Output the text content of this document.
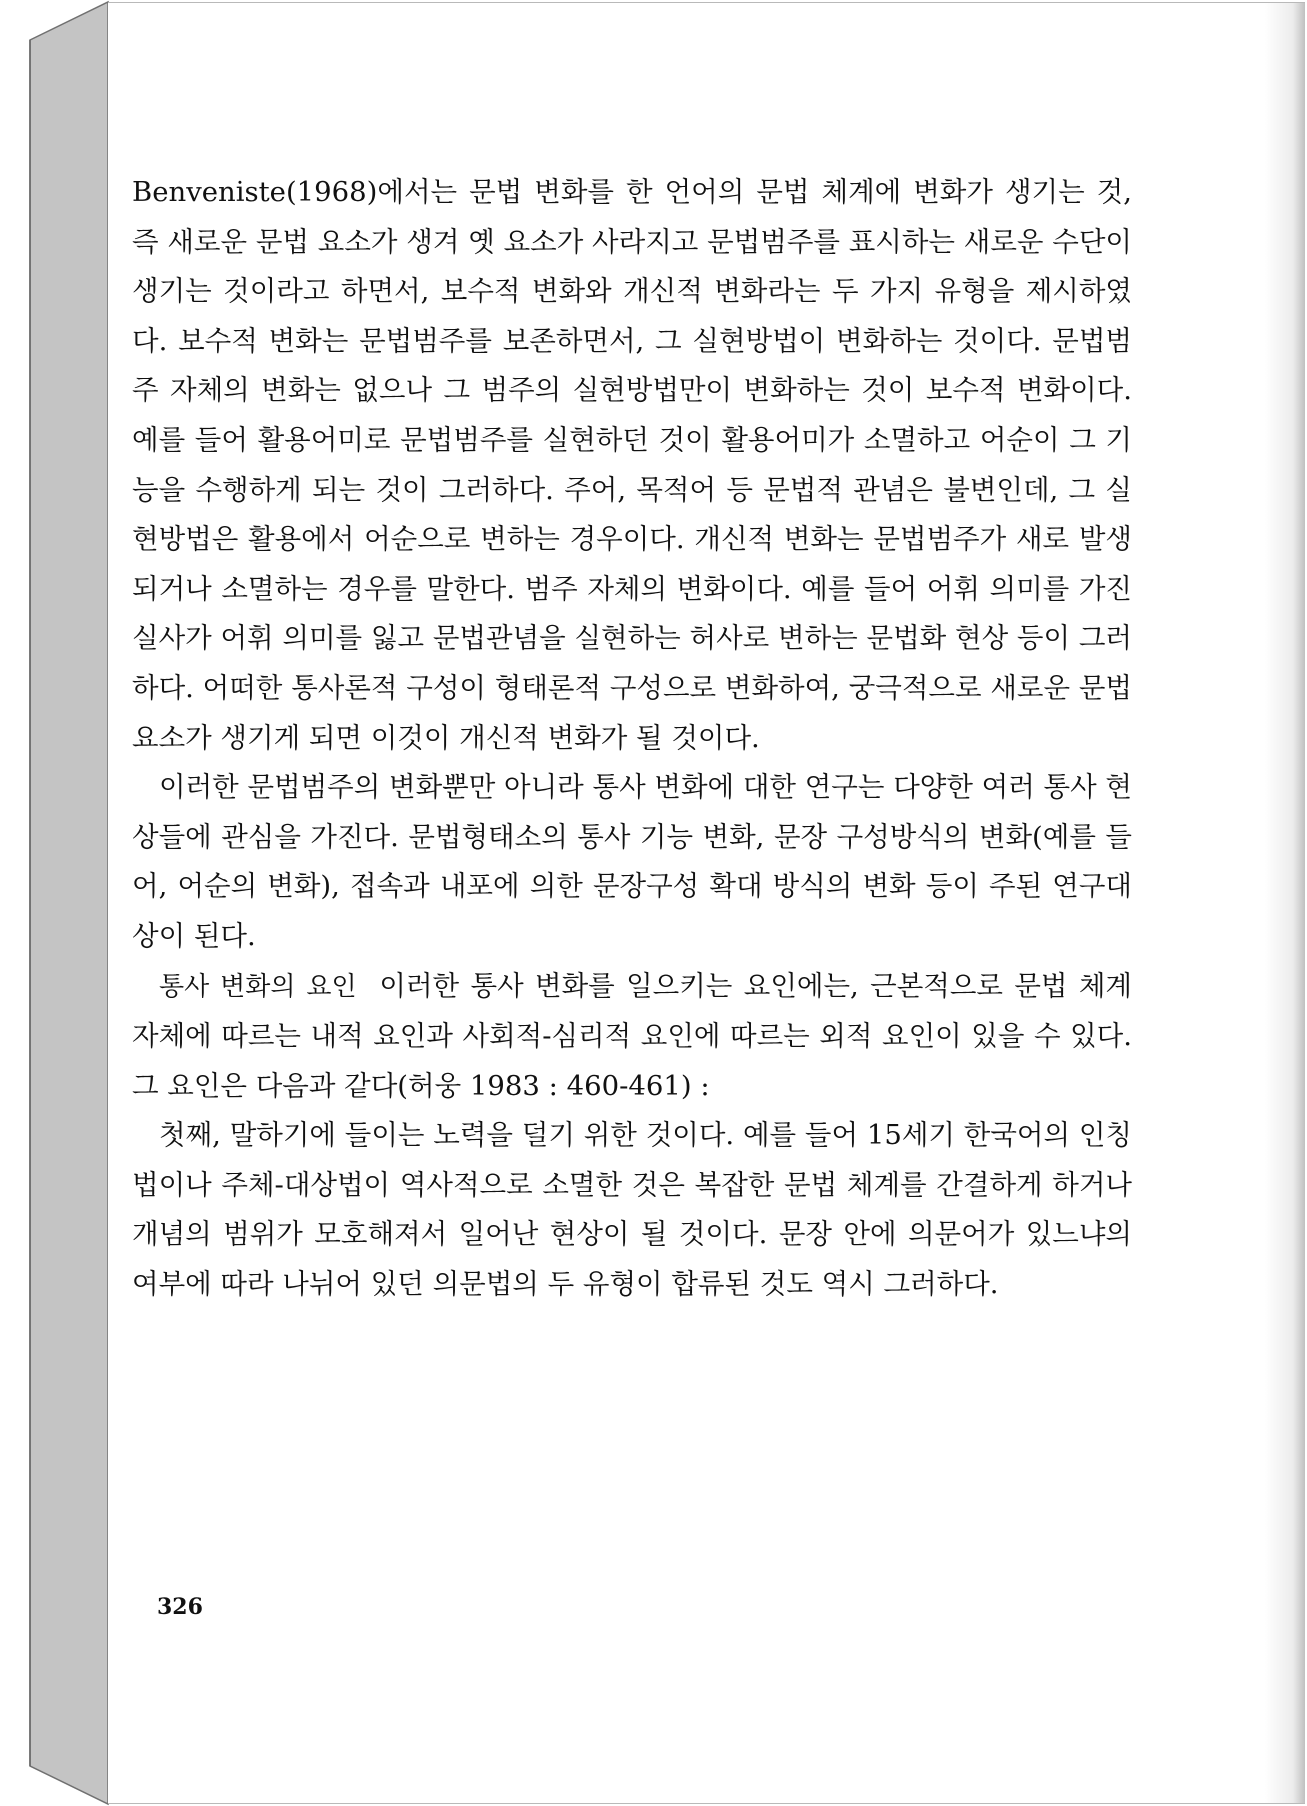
Benveniste(1968)에서는 문법 변화를 한 언어의 문법 체계에 변화가 생기는 것, 즉 새로운 문법 요소가 생겨 옛 요소가 사라지고 문법범주를 표시하는 새로운 수단이 생기는 것이라고 하면서, 보수적 변화와 개신적 변화라는 두 가지 유형을 제시하였다. 보수적 변화는 문법범주를 보존하면서, 그 실현방법이 변화하는 것이다. 문법범주 자체의 변화는 없으나 그 범주의 실현방법만이 변화하는 것이 보수적 변화이다. 예를 들어 활용어미로 문법범주를 실현하던 것이 활용어미가 소멸하고 어순이 그 기능을 수행하게 되는 것이 그러하다. 주어, 목적어 등 문법적 관념은 불변인데, 그 실현방법은 활용에서 어순으로 변하는 경우이다. 개신적 변화는 문법범주가 새로 발생되거나 소멸하는 경우를 말한다. 범주 자체의 변화이다. 예를 들어 어휘 의미를 가진 실사가 어휘 의미를 잃고 문법관념을 실현하는 허사로 변하는 문법화 현상 등이 그러하다. 어떠한 통사론적 구성이 형태론적 구성으로 변화하여, 궁극적으로 새로운 문법요소가 생기게 되면 이것이 개신적 변화가 될 것이다.

이러한 문법범주의 변화뿐만 아니라 통사 변화에 대한 연구는 다양한 여러 통사 현상들에 관심을 가진다. 문법형태소의 통사 기능 변화, 문장 구성방식의 변화(예를 들어, 어순의 변화), 접속과 내포에 의한 문장구성 확대 방식의 변화 등이 주된 연구대상이 된다.

통사 변화의 요인 이러한 통사 변화를 일으키는 요인에는, 근본적으로 문법 체계 자체에 따르는 내적 요인과 사회적-심리적 요인에 따르는 외적 요인이 있을 수 있다. 그 요인은 다음과 같다(허웅 1983 : 460-461) :

첫째, 말하기에 들이는 노력을 덜기 위한 것이다. 예를 들어 15세기 한국어의 인칭법이나 주체-대상법이 역사적으로 소멸한 것은 복잡한 문법 체계를 간결하게 하거나 개념의 범위가 모호해져서 일어난 현상이 될 것이다. 문장 안에 의문어가 있느냐의 여부에 따라 나뉘어 있던 의문법의 두 유형이 합류된 것도 역시 그러하다.

326
